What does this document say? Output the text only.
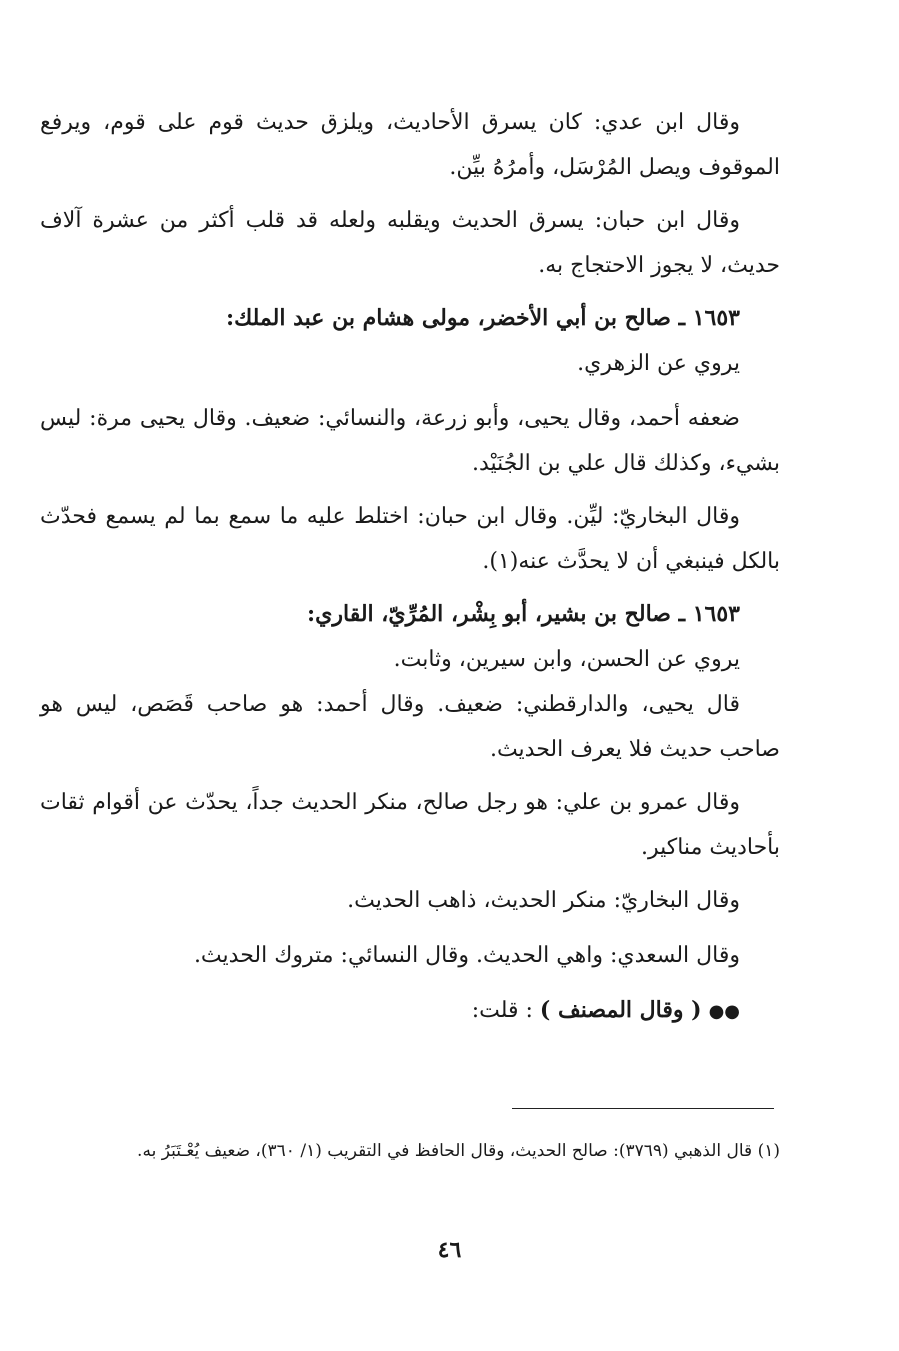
وقال ابن عدي: كان يسرق الأحاديث، ويلزق حديث قوم على قوم، ويرفع الموقوف ويصل المُرْسَل، وأمرُهُ بيِّن.

وقال ابن حبان: يسرق الحديث ويقلبه ولعله قد قلب أكثر من عشرة آلاف حديث، لا يجوز الاحتجاج به.

١٦٥٣ ـ صالح بن أبي الأخضر، مولى هشام بن عبد الملك:

يروي عن الزهري.

ضعفه أحمد، وقال يحيى، وأبو زرعة، والنسائي: ضعيف. وقال يحيى مرة: ليس بشيء، وكذلك قال علي بن الجُنَيْد.

وقال البخاريّ: ليِّن. وقال ابن حبان: اختلط عليه ما سمع بما لم يسمع فحدّث بالكل فينبغي أن لا يحدَّث عنه(١).

١٦٥٣ ـ صالح بن بشير، أبو بِشْر، المُرِّيّ، القاري:

يروي عن الحسن، وابن سيرين، وثابت.

قال يحيى، والدارقطني: ضعيف. وقال أحمد: هو صاحب قَصَص، ليس هو صاحب حديث فلا يعرف الحديث.

وقال عمرو بن علي: هو رجل صالح، منكر الحديث جداً، يحدّث عن أقوام ثقات بأحاديث مناكير.

وقال البخاريّ: منكر الحديث، ذاهب الحديث.

وقال السعدي: واهي الحديث. وقال النسائي: متروك الحديث.

●● ( وقال المصنف ) : قلت:

(١) قال الذهبي (٣٧٦٩): صالح الحديث، وقال الحافظ في التقريب (١/ ٣٦٠)، ضعيف يُعْـتَبَرُ به.
٤٦
